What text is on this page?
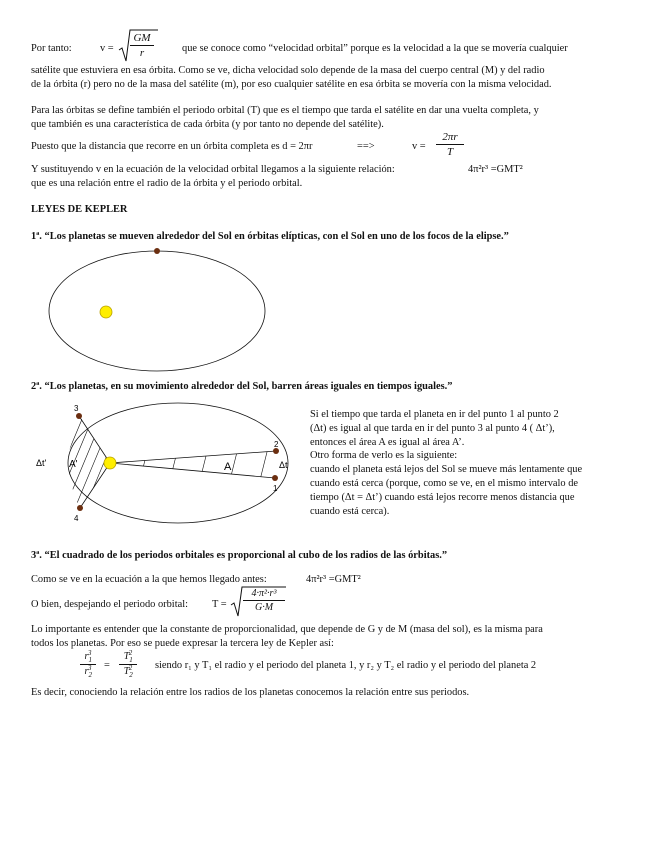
Por tanto:	$v = \frac{GM}{r}$	que se conoce como “velocidad orbital” porque es la velocidad a la que se movería cualquier
satélite que estuviera en esa órbita. Como se ve, dicha velocidad solo depende de la masa del cuerpo central (M) y del radio
de la órbita (r) pero no de la masa del satélite (m), por eso cualquier satélite en esa órbita se movería con la misma velocidad.
Para las órbitas se define también el periodo orbital (T) que es el tiempo que tarda el satélite en dar una vuelta completa, y
que también es una característica de cada órbita (y por tanto no depende del satélite).
Puesto que la distancia que recorre en un órbita completa es d = 2πr	==>	$v = \frac{2\pi r}{T}$
Y sustituyendo v en la ecuación de la velocidad orbital llegamos a la siguiente relación:	4π²r³ =GMT²
que es una relación entre el radio de la órbita y el periodo orbital.
LEYES DE KEPLER
1ª. “Los planetas se mueven alrededor del Sol en órbitas elípticas, con el Sol en uno de los focos de la elipse.”
2ª. “Los planetas, en su movimiento alrededor del Sol, barren áreas iguales en tiempos iguales.”
3
4
2
1
A'	A	Δt
Δt'
Si el tiempo que tarda el planeta en ir del punto 1 al punto 2
(Δt) es igual al que tarda en ir del punto 3 al punto 4 ( Δt’),
entonces el área A es igual al área A’.
Otro forma de verlo es la siguiente:
cuando el planeta está lejos del Sol se mueve más lentamente que
cuando está cerca (porque, como se ve, en el mismo intervalo de
tiempo (Δt = Δt’) cuando está lejos recorre menos distancia que
cuando está cerca).
3ª. “El cuadrado de los periodos orbitales es proporcional al cubo de los radios de las órbitas.”
Como se ve en la ecuación a la que hemos llegado antes:	4π²r³ =GMT²
O bien, despejando el periodo orbital: $T = \frac{\text{4·π²·r³}}{G\cdot M}$
Lo importante es entender que la constante de proporcionalidad, que depende de G y de M (masa del sol), es la misma para
todos los planetas. Por eso se puede expresar la tercera ley de Kepler así:
$r_1^3$
$r_2^3$	=
$T_1^2$
$T_2^2$	siendo r₁ y T₁ el radio y el periodo del planeta 1, y r₂ y T₂ el radio y el periodo del planeta 2
Es decir, conociendo la relación entre los radios de los planetas conocemos la relación entre sus periodos.
